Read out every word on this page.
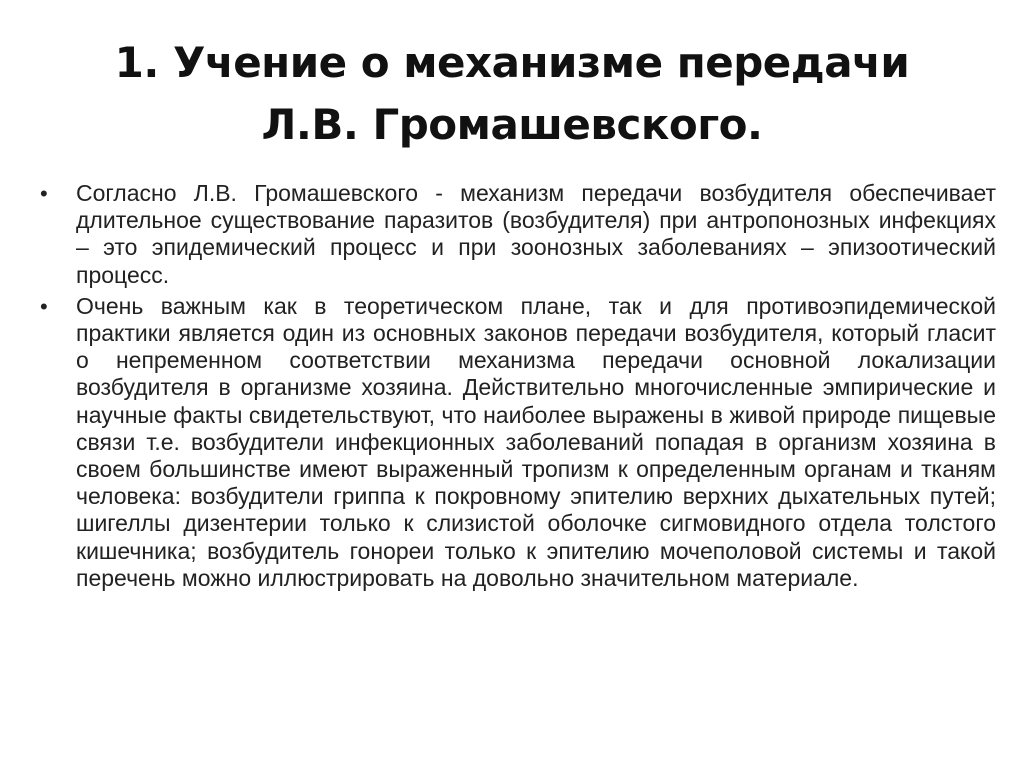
1. Учение о механизме передачи
Л.В. Громашевского.
•	Согласно Л.В. Громашевского - механизм передачи возбудителя обеспечивает длительное существование паразитов (возбудителя) при антропонозных инфекциях – это эпидемический процесс и при зоонозных заболеваниях – эпизоотический процесс.
•	Очень важным как в теоретическом плане, так и для противоэпидемической практики является один из основных законов передачи возбудителя, который гласит о непременном соответствии механизма передачи основной локализации возбудителя в организме хозяина. Действительно многочисленные эмпирические и научные факты свидетельствуют, что наиболее выражены в живой природе пищевые связи т.е. возбудители инфекционных заболеваний попадая в организм хозяина в своем большинстве имеют выраженный тропизм к определенным органам и тканям человека: возбудители гриппа к покровному эпителию верхних дыхательных путей; шигеллы дизентерии только к слизистой оболочке сигмовидного отдела толстого кишечника; возбудитель гонореи только к эпителию мочеполовой системы и такой перечень можно иллюстрировать на довольно значительном материале.
